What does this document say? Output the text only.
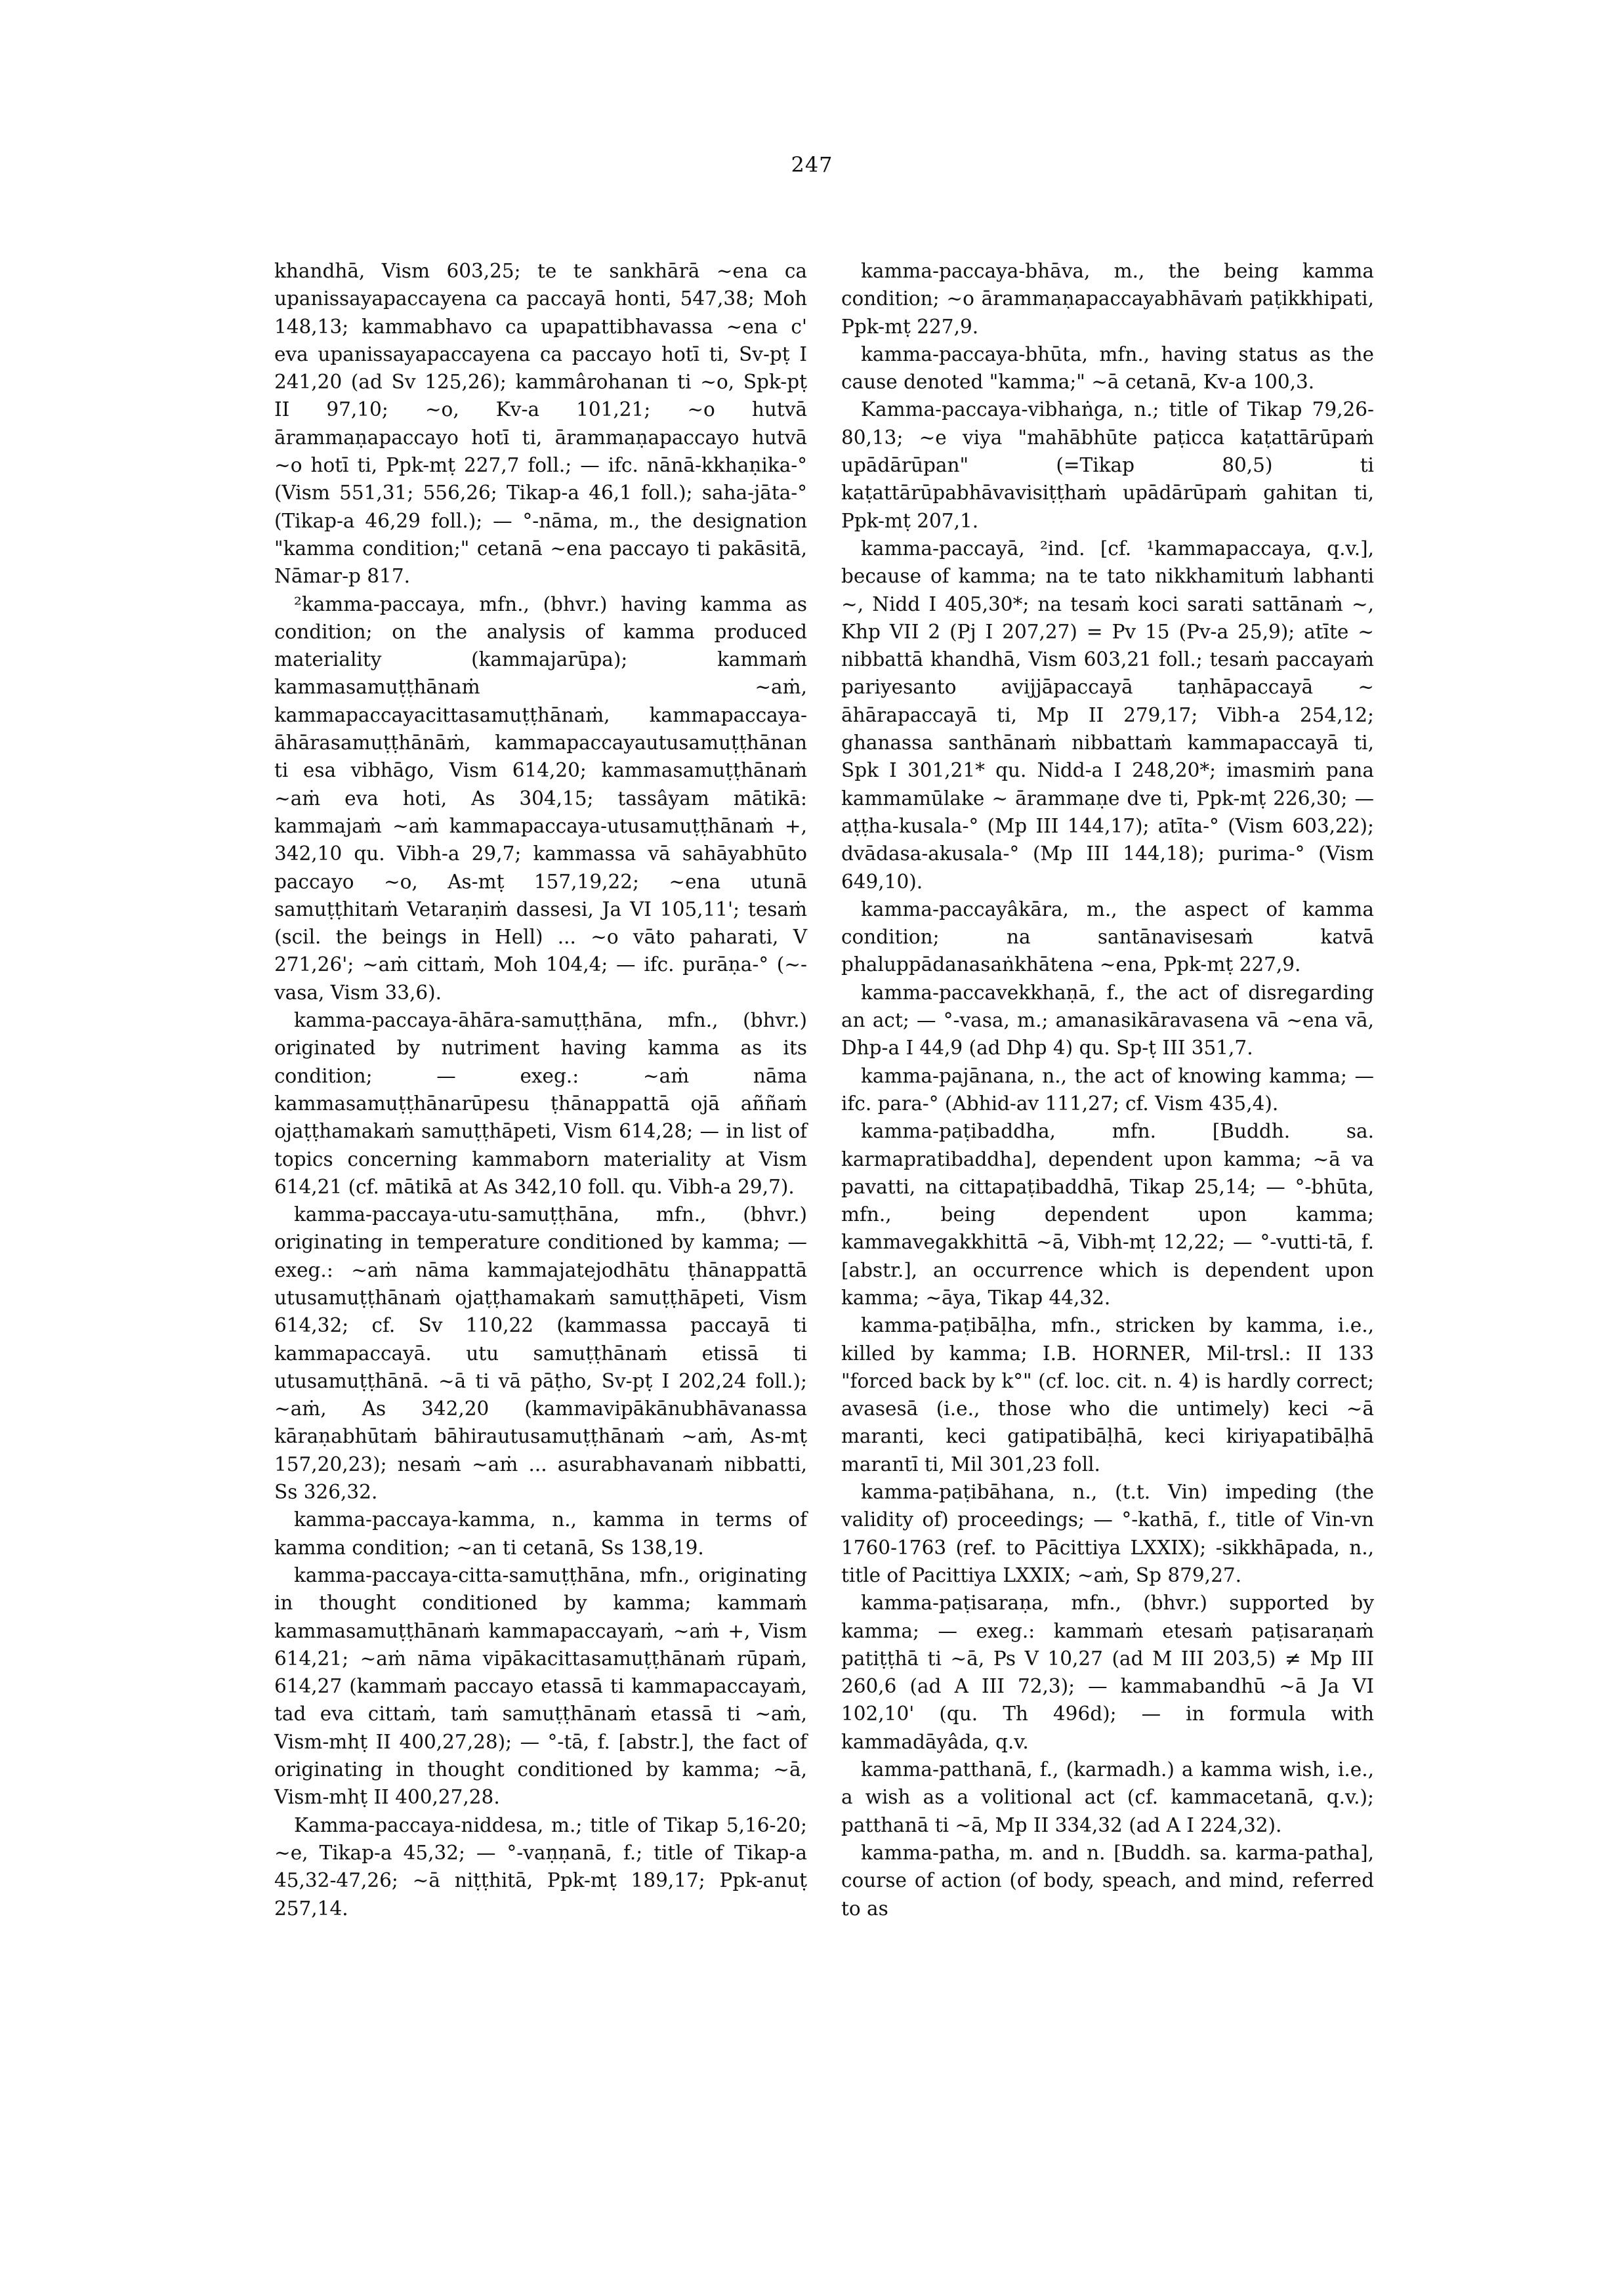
247

khandhā, Vism 603,25; te te sankhārā ~ena ca upanissayapaccayena ca paccayā honti, 547,38; Moh 148,13; kammabhavo ca upapattibhavassa ~ena c' eva upanissayapaccayena ca paccayo hotī ti, Sv-pṭ I 241,20 (ad Sv 125,26); kammârohanan ti ~o, Spk-pṭ II 97,10; ~o, Kv-a 101,21; ~o hutvā ārammaṇapaccayo hotī ti, ārammaṇapaccayo hutvā ~o hotī ti, Ppk-mṭ 227,7 foll.; — ifc. nānā-kkhaṇika-° (Vism 551,31; 556,26; Tikap-a 46,1 foll.); saha-jāta-° (Tikap-a 46,29 foll.); — °-nāma, m., the designation "kamma condition;" cetanā ~ena paccayo ti pakāsitā, Nāmar-p 817.

²kamma-paccaya, mfn., (bhvr.) having kamma as condition; on the analysis of kamma produced materiality (kammajarūpa); kammaṁ kammasamuṭṭhānaṁ ~aṁ, kammapaccayacittasamuṭṭhānaṁ, kammapaccaya-āhārasamuṭṭhānāṁ, kammapaccayautusamuṭṭhānan ti esa vibhāgo, Vism 614,20; kammasamuṭṭhānaṁ ~aṁ eva hoti, As 304,15; tassâyam mātikā: kammajaṁ ~aṁ kammapaccaya-utusamuṭṭhānaṁ +, 342,10 qu. Vibh-a 29,7; kammassa vā sahāyabhūto paccayo ~o, As-mṭ 157,19,22; ~ena utunā samuṭṭhitaṁ Vetaraṇiṁ dassesi, Ja VI 105,11'; tesaṁ (scil. the beings in Hell) ... ~o vāto paharati, V 271,26'; ~aṁ cittaṁ, Moh 104,4; — ifc. purāṇa-° (~-vasa, Vism 33,6).

kamma-paccaya-āhāra-samuṭṭhāna, mfn., (bhvr.) originated by nutriment having kamma as its condition; — exeg.: ~aṁ nāma kammasamuṭṭhānarūpesu ṭhānappattā ojā aññaṁ ojaṭṭhamakaṁ samuṭṭhāpeti, Vism 614,28; — in list of topics concerning kammaborn materiality at Vism 614,21 (cf. mātikā at As 342,10 foll. qu. Vibh-a 29,7).

kamma-paccaya-utu-samuṭṭhāna, mfn., (bhvr.) originating in temperature conditioned by kamma; — exeg.: ~aṁ nāma kammajatejodhātu ṭhānappattā utusamuṭṭhānaṁ ojaṭṭhamakaṁ samuṭṭhāpeti, Vism 614,32; cf. Sv 110,22 (kammassa paccayā ti kammapaccayā. utu samuṭṭhānaṁ etissā ti utusamuṭṭhānā. ~ā ti vā pāṭho, Sv-pṭ I 202,24 foll.); ~aṁ, As 342,20 (kammavipākānubhāvanassa kāraṇabhūtaṁ bāhirautusamuṭṭhānaṁ ~aṁ, As-mṭ 157,20,23); nesaṁ ~aṁ ... asurabhavanaṁ nibbatti, Ss 326,32.

kamma-paccaya-kamma, n., kamma in terms of kamma condition; ~an ti cetanā, Ss 138,19.

kamma-paccaya-citta-samuṭṭhāna, mfn., originating in thought conditioned by kamma; kammaṁ kammasamuṭṭhānaṁ kammapaccayaṁ, ~aṁ +, Vism 614,21; ~aṁ nāma vipākacittasamuṭṭhānaṁ rūpaṁ, 614,27 (kammaṁ paccayo etassā ti kammapaccayaṁ, tad eva cittaṁ, taṁ samuṭṭhānaṁ etassā ti ~aṁ, Vism-mhṭ II 400,27,28); — °-tā, f. [abstr.], the fact of originating in thought conditioned by kamma; ~ā, Vism-mhṭ II 400,27,28.

Kamma-paccaya-niddesa, m.; title of Tikap 5,16-20; ~e, Tikap-a 45,32; — °-vaṇṇanā, f.; title of Tikap-a 45,32-47,26; ~ā niṭṭhitā, Ppk-mṭ 189,17; Ppk-anuṭ 257,14.

kamma-paccaya-bhāva, m., the being kamma condition; ~o ārammaṇapaccayabhāvaṁ paṭikkhipati, Ppk-mṭ 227,9.

kamma-paccaya-bhūta, mfn., having status as the cause denoted "kamma;" ~ā cetanā, Kv-a 100,3.

Kamma-paccaya-vibhaṅga, n.; title of Tikap 79,26-80,13; ~e viya "mahābhūte paṭicca kaṭattārūpaṁ upādārūpan" (=Tikap 80,5) ti kaṭattārūpabhāvavisiṭṭhaṁ upādārūpaṁ gahitan ti, Ppk-mṭ 207,1.

kamma-paccayā, ²ind. [cf. ¹kammapaccaya, q.v.], because of kamma; na te tato nikkhamituṁ labhanti ~, Nidd I 405,30*; na tesaṁ koci sarati sattānaṁ ~, Khp VII 2 (Pj I 207,27) = Pv 15 (Pv-a 25,9); atīte ~ nibbattā khandhā, Vism 603,21 foll.; tesaṁ paccayaṁ pariyesanto avijjāpaccayā taṇhāpaccayā ~ āhārapaccayā ti, Mp II 279,17; Vibh-a 254,12; ghanassa santhānaṁ nibbattaṁ kammapaccayā ti, Spk I 301,21* qu. Nidd-a I 248,20*; imasmiṁ pana kammamūlake ~ ārammaṇe dve ti, Ppk-mṭ 226,30; — aṭṭha-kusala-° (Mp III 144,17); atīta-° (Vism 603,22); dvādasa-akusala-° (Mp III 144,18); purima-° (Vism 649,10).

kamma-paccayâkāra, m., the aspect of kamma condition; na santānavisesaṁ katvā phaluppādanasaṅkhātena ~ena, Ppk-mṭ 227,9.

kamma-paccavekkhaṇā, f., the act of disregarding an act; — °-vasa, m.; amanasikāravasena vā ~ena vā, Dhp-a I 44,9 (ad Dhp 4) qu. Sp-ṭ III 351,7.

kamma-pajānana, n., the act of knowing kamma; — ifc. para-° (Abhid-av 111,27; cf. Vism 435,4).

kamma-paṭibaddha, mfn. [Buddh. sa. karmapratibaddha], dependent upon kamma; ~ā va pavatti, na cittapaṭibaddhā, Tikap 25,14; — °-bhūta, mfn., being dependent upon kamma; kammavegakkhittā ~ā, Vibh-mṭ 12,22; — °-vutti-tā, f. [abstr.], an occurrence which is dependent upon kamma; ~āya, Tikap 44,32.

kamma-paṭibāḷha, mfn., stricken by kamma, i.e., killed by kamma; I.B. HORNER, Mil-trsl.: II 133 "forced back by k°" (cf. loc. cit. n. 4) is hardly correct; avasesā (i.e., those who die untimely) keci ~ā maranti, keci gatipatibāḷhā, keci kiriyapatibāḷhā marantī ti, Mil 301,23 foll.

kamma-paṭibāhana, n., (t.t. Vin) impeding (the validity of) proceedings; — °-kathā, f., title of Vin-vn 1760-1763 (ref. to Pācittiya LXXIX); -sikkhāpada, n., title of Pacittiya LXXIX; ~aṁ, Sp 879,27.

kamma-paṭisaraṇa, mfn., (bhvr.) supported by kamma; — exeg.: kammaṁ etesaṁ paṭisaraṇaṁ patiṭṭhā ti ~ā, Ps V 10,27 (ad M III 203,5) ≠ Mp III 260,6 (ad A III 72,3); — kammabandhū ~ā Ja VI 102,10' (qu. Th 496d); — in formula with kammadāyâda, q.v.

kamma-patthanā, f., (karmadh.) a kamma wish, i.e., a wish as a volitional act (cf. kammacetanā, q.v.); patthanā ti ~ā, Mp II 334,32 (ad A I 224,32).

kamma-patha, m. and n. [Buddh. sa. karma-patha], course of action (of body, speach, and mind, referred to as
